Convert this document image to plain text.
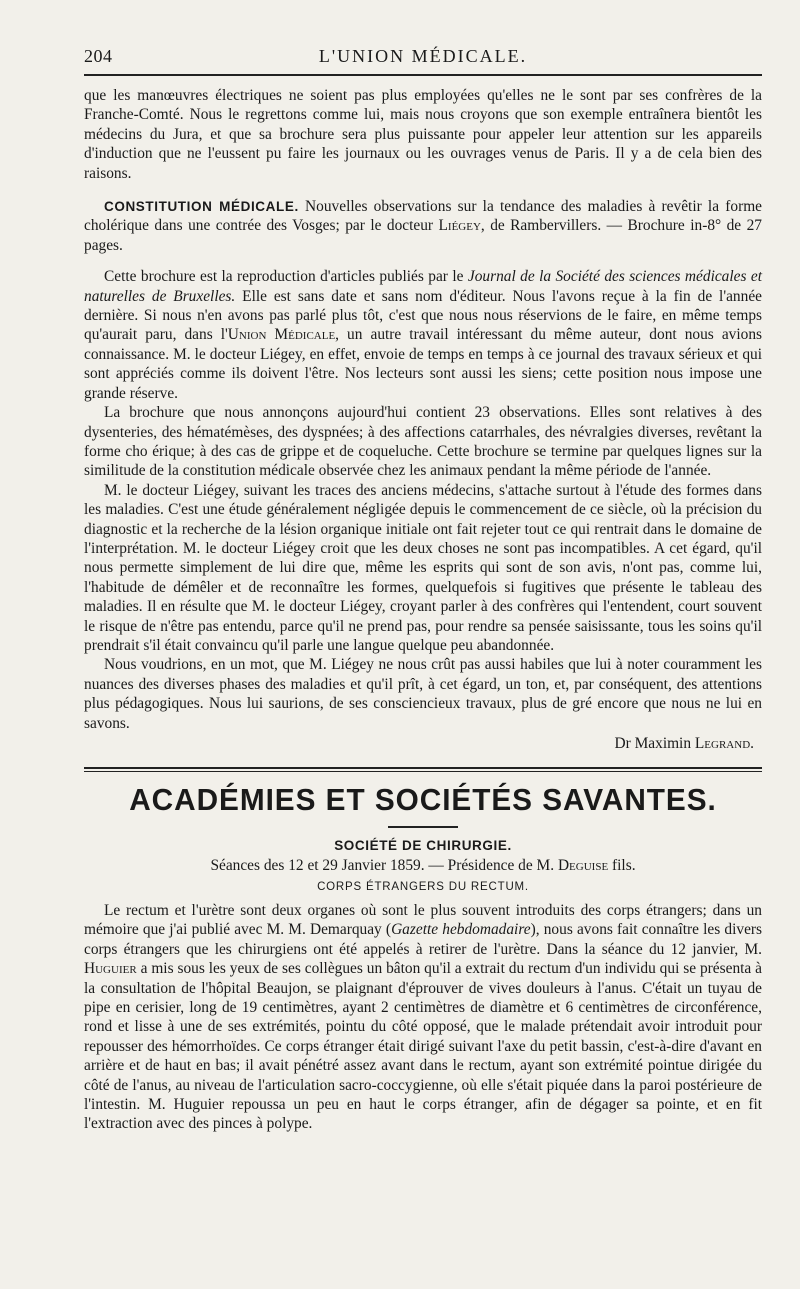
204	L'UNION MÉDICALE.

que les manœuvres électriques ne soient pas plus employées qu'elles ne le sont par ses confrères de la Franche-Comté. Nous le regrettons comme lui, mais nous croyons que son exemple entraînera bientôt les médecins du Jura, et que sa brochure sera plus puissante pour appeler leur attention sur les appareils d'induction que ne l'eussent pu faire les journaux ou les ouvrages venus de Paris. Il y a de cela bien des raisons.

CONSTITUTION MÉDICALE. Nouvelles observations sur la tendance des maladies à revêtir la forme cholérique dans une contrée des Vosges; par le docteur Liégey, de Rambervillers. — Brochure in-8° de 27 pages.

Cette brochure est la reproduction d'articles publiés par le Journal de la Société des sciences médicales et naturelles de Bruxelles. Elle est sans date et sans nom d'éditeur. Nous l'avons reçue à la fin de l'année dernière. Si nous n'en avons pas parlé plus tôt, c'est que nous nous réservions de le faire, en même temps qu'aurait paru, dans l'Union Médicale, un autre travail intéressant du même auteur, dont nous avions connaissance. M. le docteur Liégey, en effet, envoie de temps en temps à ce journal des travaux sérieux et qui sont appréciés comme ils doivent l'être. Nos lecteurs sont aussi les siens; cette position nous impose une grande réserve.

La brochure que nous annonçons aujourd'hui contient 23 observations. Elles sont relatives à des dysenteries, des hématémèses, des dyspnées; à des affections catarrhales, des névralgies diverses, revêtant la forme cho érique; à des cas de grippe et de coqueluche. Cette brochure se termine par quelques lignes sur la similitude de la constitution médicale observée chez les animaux pendant la même période de l'année.

M. le docteur Liégey, suivant les traces des anciens médecins, s'attache surtout à l'étude des formes dans les maladies. C'est une étude généralement négligée depuis le commencement de ce siècle, où la précision du diagnostic et la recherche de la lésion organique initiale ont fait rejeter tout ce qui rentrait dans le domaine de l'interprétation. M. le docteur Liégey croit que les deux choses ne sont pas incompatibles. A cet égard, qu'il nous permette simplement de lui dire que, même les esprits qui sont de son avis, n'ont pas, comme lui, l'habitude de démêler et de reconnaître les formes, quelquefois si fugitives que présente le tableau des maladies. Il en résulte que M. le docteur Liégey, croyant parler à des confrères qui l'entendent, court souvent le risque de n'être pas entendu, parce qu'il ne prend pas, pour rendre sa pensée saisissante, tous les soins qu'il prendrait s'il était convaincu qu'il parle une langue quelque peu abandonnée.

Nous voudrions, en un mot, que M. Liégey ne nous crût pas aussi habiles que lui à noter couramment les nuances des diverses phases des maladies et qu'il prît, à cet égard, un ton, et, par conséquent, des attentions plus pédagogiques. Nous lui saurions, de ses consciencieux travaux, plus de gré encore que nous ne lui en savons.

Dr Maximin Legrand.
ACADÉMIES ET SOCIÉTÉS SAVANTES.
SOCIÉTÉ DE CHIRURGIE.
Séances des 12 et 29 Janvier 1859. — Présidence de M. Deguise fils.
CORPS ÉTRANGERS DU RECTUM.

Le rectum et l'urètre sont deux organes où sont le plus souvent introduits des corps étrangers; dans un mémoire que j'ai publié avec M. M. Demarquay (Gazette hebdomadaire), nous avons fait connaître les divers corps étrangers que les chirurgiens ont été appelés à retirer de l'urètre. Dans la séance du 12 janvier, M. Huguier a mis sous les yeux de ses collègues un bâton qu'il a extrait du rectum d'un individu qui se présenta à la consultation de l'hôpital Beaujon, se plaignant d'éprouver de vives douleurs à l'anus. C'était un tuyau de pipe en cerisier, long de 19 centimètres, ayant 2 centimètres de diamètre et 6 centimètres de circonférence, rond et lisse à une de ses extrémités, pointu du côté opposé, que le malade prétendait avoir introduit pour repousser des hémorrhoïdes. Ce corps étranger était dirigé suivant l'axe du petit bassin, c'est-à-dire d'avant en arrière et de haut en bas; il avait pénétré assez avant dans le rectum, ayant son extrémité pointue dirigée du côté de l'anus, au niveau de l'articulation sacro-coccygienne, où elle s'était piquée dans la paroi postérieure de l'intestin. M. Huguier repoussa un peu en haut le corps étranger, afin de dégager sa pointe, et en fit l'extraction avec des pinces à polype.
